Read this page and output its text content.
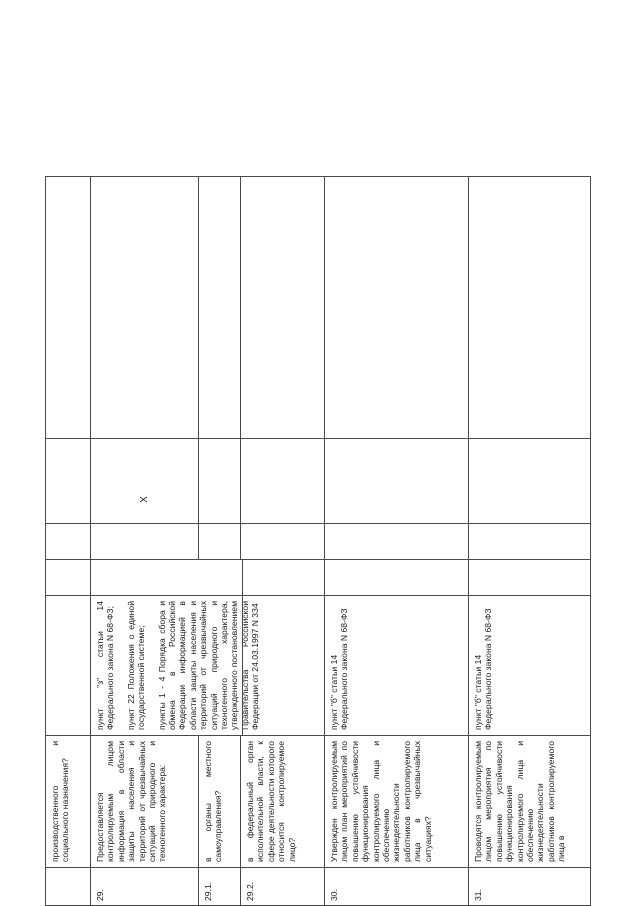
производственного и социального назначения?
29.
Предоставляется контролируемым лицом информация в области защиты населения и территорий от чрезвычайных ситуаций природного и техногенного характера:
пункт "з" статьи 14 Федерального закона N 68-ФЗ; пункт 22 Положения о единой государственной системе; пункты 1 - 4 Порядка сбора и обмена в Российской Федерации информацией в области защиты населения и территорий от чрезвычайных ситуаций природного и техногенного характера, утвержденного постановлением Правительства Российской Федерации от 24.03.1997 N 334
X
29.1.
в органы местного самоуправления?
29.2.
в федеральный орган исполнительной власти, к сфере деятельности которого относится контролируемое лицо?
30.
Утвержден контролируемым лицом план мероприятий по повышению устойчивости функционирования контролируемого лица и обеспечению жизнедеятельности работников контролируемого лица в чрезвычайных ситуациях?
пункт "б" статьи 14 Федерального закона N 68-ФЗ
31.
Проводятся контролируемым лицом мероприятия по повышению устойчивости функционирования контролируемого лица и обеспечению жизнедеятельности работников контролируемого лица в
пункт "б" статьи 14 Федерального закона N 68-ФЗ
